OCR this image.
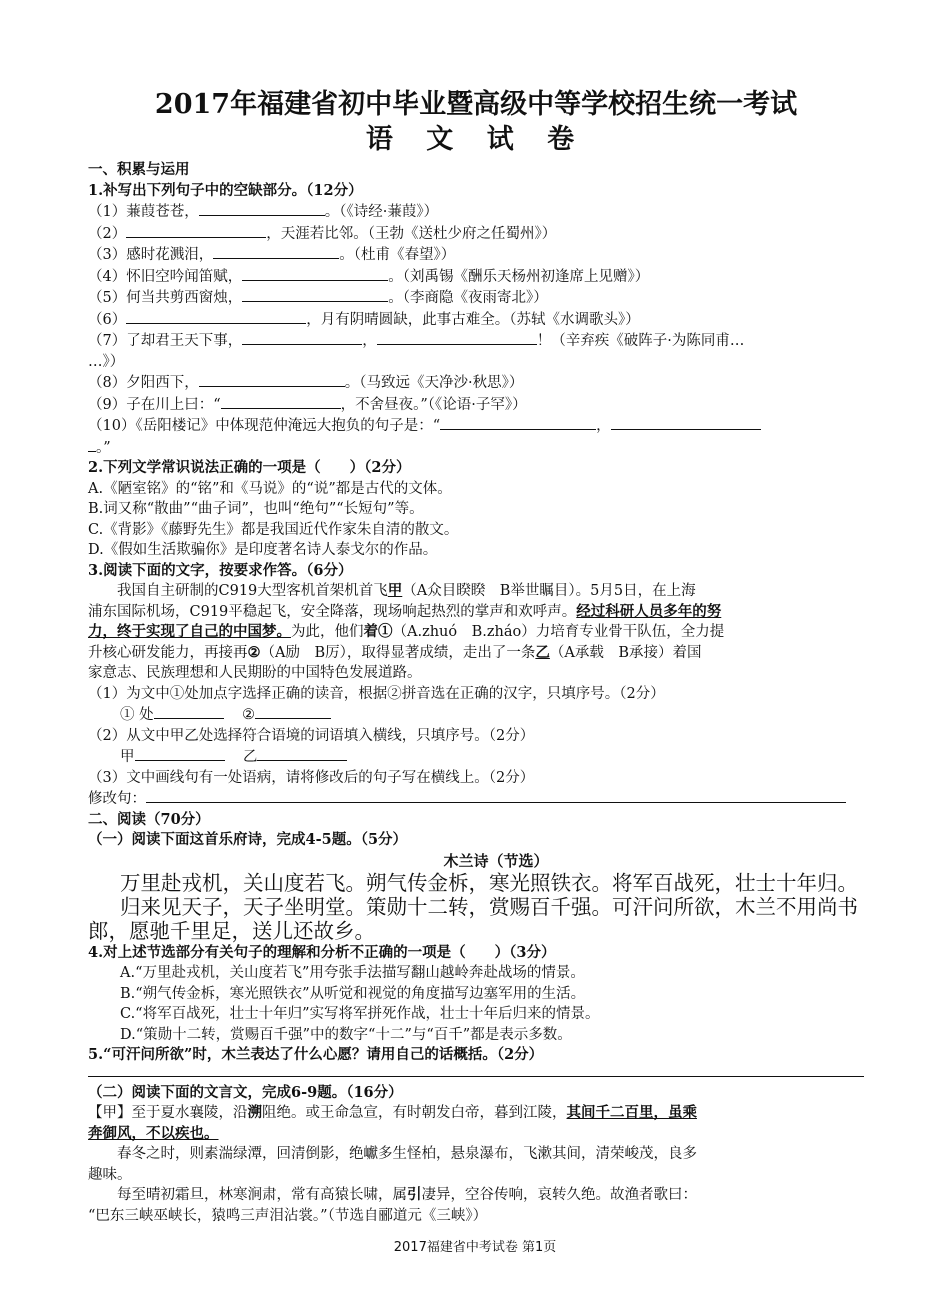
2017年福建省初中毕业暨高级中等学校招生统一考试
语 文 试 卷
一、积累与运用
1.补写出下列句子中的空缺部分。（12分）
（1）蒹葭苍苍，	。（《诗经·蒹葭》）
（2）	，天涯若比邻。（王勃《送杜少府之任蜀州》）
（3）感时花溅泪，	。（杜甫《春望》）
（4）怀旧空吟闻笛赋，	。（刘禹锡《酬乐天杨州初逢席上见赠》）
（5）何当共剪西窗烛，	。（李商隐《夜雨寄北》）
（6）	，月有阴晴圆缺，此事古难全。（苏轼《水调歌头》）
（7）了却君王天下事，	，	！（辛弃疾《破阵子·为陈同甫…
…》）
（8）夕阳西下，	。（马致远《天净沙·秋思》）
（9）子在川上曰：“	，不舍昼夜。”（《论语·子罕》）
（10）《岳阳楼记》中体现范仲淹远大抱负的句子是：“	，
。”
2.下列文学常识说法正确的一项是（　　）（2分）
A.《陋室铭》的“铭”和《马说》的“说”都是古代的文体。
B.词又称“散曲”“曲子词”，也叫“绝句”“长短句”等。
C.《背影》《藤野先生》都是我国近代作家朱自清的散文。
D.《假如生活欺骗你》是印度著名诗人泰戈尔的作品。
3.阅读下面的文字，按要求作答。（6分）
我国自主研制的C919大型客机首架机首飞甲（A众目睽睽　B举世瞩目）。5月5日，在上海
浦东国际机场，C919平稳起飞，安全降落，现场响起热烈的掌声和欢呼声。经过科研人员多年的努
力，终于实现了自己的中国梦。为此，他们着①（A.zhuó　B.zháo）力培育专业骨干队伍，全力提
升核心研发能力，再接再②（A励　B厉），取得显著成绩，走出了一条乙（A承载　B承接）着国
家意志、民族理想和人民期盼的中国特色发展道路。
（1）为文中①处加点字选择正确的读音，根据②拼音选在正确的汉字，只填序号。（2分）
① 处	②
（2）从文中甲乙处选择符合语境的词语填入横线，只填序号。（2分）
甲	乙
（3）文中画线句有一处语病，请将修改后的句子写在横线上。（2分）
修改句：
二、阅读（70分）
（一）阅读下面这首乐府诗，完成4-5题。（5分）
木兰诗（节选）
万里赴戎机，关山度若飞。朔气传金柝，寒光照铁衣。将军百战死，壮士十年归。
归来见天子，天子坐明堂。策勋十二转，赏赐百千强。可汗问所欲，木兰不用尚书
郎，愿驰千里足，送儿还故乡。
4.对上述节选部分有关句子的理解和分析不正确的一项是（　　）（3分）
A.“万里赴戎机，关山度若飞”用夸张手法描写翻山越岭奔赴战场的情景。
B.“朔气传金柝，寒光照铁衣”从听觉和视觉的角度描写边塞军用的生活。
C.“将军百战死，壮士十年归”实写将军拼死作战，壮士十年后归来的情景。
D.“策勋十二转，赏赐百千强”中的数字“十二”与“百千”都是表示多数。
5.“可汗问所欲”时，木兰表达了什么心愿？请用自己的话概括。（2分）
（二）阅读下面的文言文，完成6-9题。（16分）
【甲】至于夏水襄陵，沿溯阻绝。或王命急宣，有时朝发白帝，暮到江陵，其间千二百里，虽乘
奔御风，不以疾也。
春冬之时，则素湍绿潭，回清倒影，绝巘多生怪柏，悬泉瀑布，飞漱其间，清荣峻茂，良多
趣味。
每至晴初霜旦，林寒涧肃，常有高猿长啸，属引凄异，空谷传响，哀转久绝。故渔者歌曰：
“巴东三峡巫峡长，猿鸣三声泪沾裳。”（节选自郦道元《三峡》）
2017福建省中考试卷 第1页
